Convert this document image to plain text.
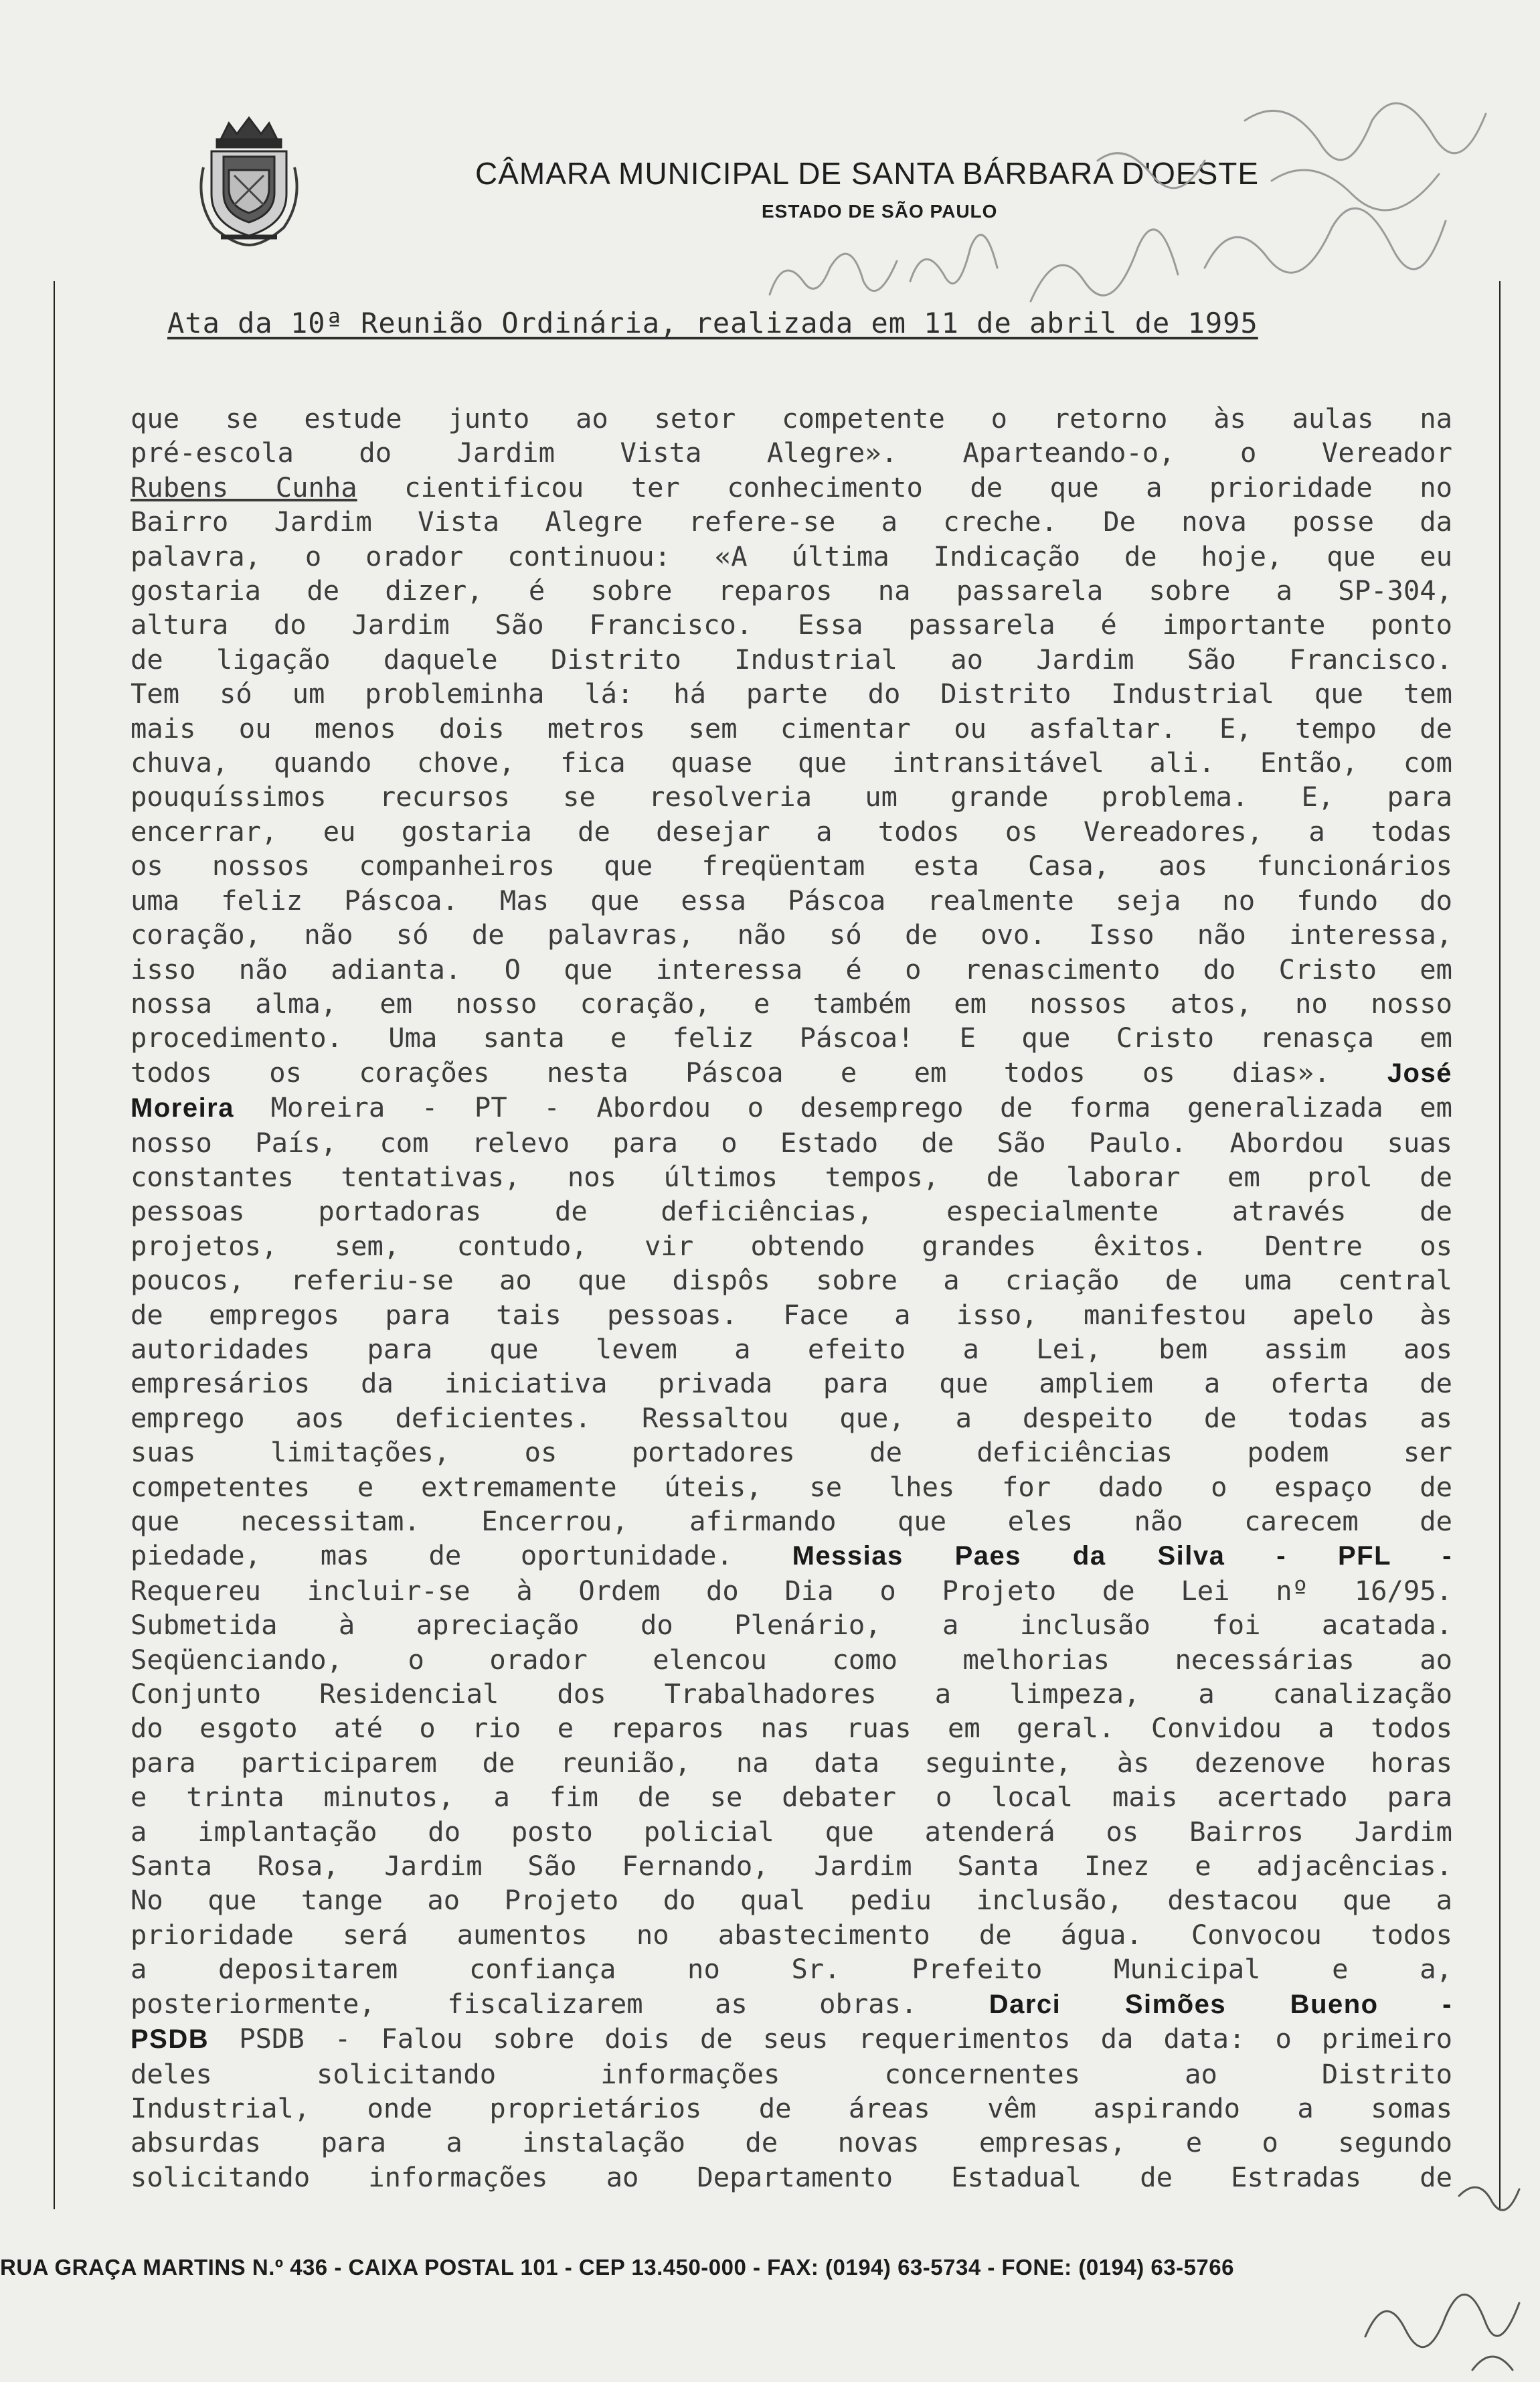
CÂMARA MUNICIPAL DE SANTA BÁRBARA D'OESTE
ESTADO DE SÃO PAULO
Ata da 10ª Reunião Ordinária, realizada em 11 de abril de 1995
que se estude junto ao setor competente o retorno às aulas na
pré-escola do Jardim Vista Alegre». Aparteando-o, o Vereador
Rubens Cunha cientificou ter conhecimento de que a prioridade no
Bairro Jardim Vista Alegre refere-se a creche. De nova posse da
palavra, o orador continuou: «A última Indicação de hoje, que eu
gostaria de dizer, é sobre reparos na passarela sobre a SP-304,
altura do Jardim São Francisco. Essa passarela é importante ponto
de ligação daquele Distrito Industrial ao Jardim São Francisco.
Tem só um probleminha lá: há parte do Distrito Industrial que tem
mais ou menos dois metros sem cimentar ou asfaltar. E, tempo de
chuva, quando chove, fica quase que intransitável ali. Então, com
pouquíssimos recursos se resolveria um grande problema. E, para
encerrar, eu gostaria de desejar a todos os Vereadores, a todas
os nossos companheiros que freqüentam esta Casa, aos funcionários
uma feliz Páscoa. Mas que essa Páscoa realmente seja no fundo do
coração, não só de palavras, não só de ovo. Isso não interessa,
isso não adianta. O que interessa é o renascimento do Cristo em
nossa alma, em nosso coração, e também em nossos atos, no nosso
procedimento. Uma santa e feliz Páscoa! E que Cristo renasça em
todos os corações nesta Páscoa e em todos os dias». José
Moreira Moreira - PT - Abordou o desemprego de forma generalizada em
nosso País, com relevo para o Estado de São Paulo. Abordou suas
constantes tentativas, nos últimos tempos, de laborar em prol de
pessoas portadoras de deficiências, especialmente através de
projetos, sem, contudo, vir obtendo grandes êxitos. Dentre os
poucos, referiu-se ao que dispôs sobre a criação de uma central
de empregos para tais pessoas. Face a isso, manifestou apelo às
autoridades para que levem a efeito a Lei, bem assim aos
empresários da iniciativa privada para que ampliem a oferta de
emprego aos deficientes. Ressaltou que, a despeito de todas as
suas limitações, os portadores de deficiências podem ser
competentes e extremamente úteis, se lhes for dado o espaço de
que necessitam. Encerrou, afirmando que eles não carecem de
piedade, mas de oportunidade. Messias Paes da Silva - PFL -
Requereu incluir-se à Ordem do Dia o Projeto de Lei nº 16/95.
Submetida à apreciação do Plenário, a inclusão foi acatada.
Seqüenciando, o orador elencou como melhorias necessárias ao
Conjunto Residencial dos Trabalhadores a limpeza, a canalização
do esgoto até o rio e reparos nas ruas em geral. Convidou a todos
para participarem de reunião, na data seguinte, às dezenove horas
e trinta minutos, a fim de se debater o local mais acertado para
a implantação do posto policial que atenderá os Bairros Jardim
Santa Rosa, Jardim São Fernando, Jardim Santa Inez e adjacências.
No que tange ao Projeto do qual pediu inclusão, destacou que a
prioridade será aumentos no abastecimento de água. Convocou todos
a depositarem confiança no Sr. Prefeito Municipal e a,
posteriormente, fiscalizarem as obras.	Darci Simões Bueno -
PSDB PSDB - Falou sobre dois de seus requerimentos da data: o primeiro
deles solicitando informações concernentes ao Distrito
Industrial, onde proprietários de áreas vêm aspirando a somas
absurdas para a instalação de novas empresas, e o segundo
solicitando informações ao Departamento Estadual de Estradas de
RUA GRAÇA MARTINS N.º 436 - CAIXA POSTAL 101 - CEP 13.450-000 - FAX: (0194) 63-5734 - FONE: (0194) 63-5766
